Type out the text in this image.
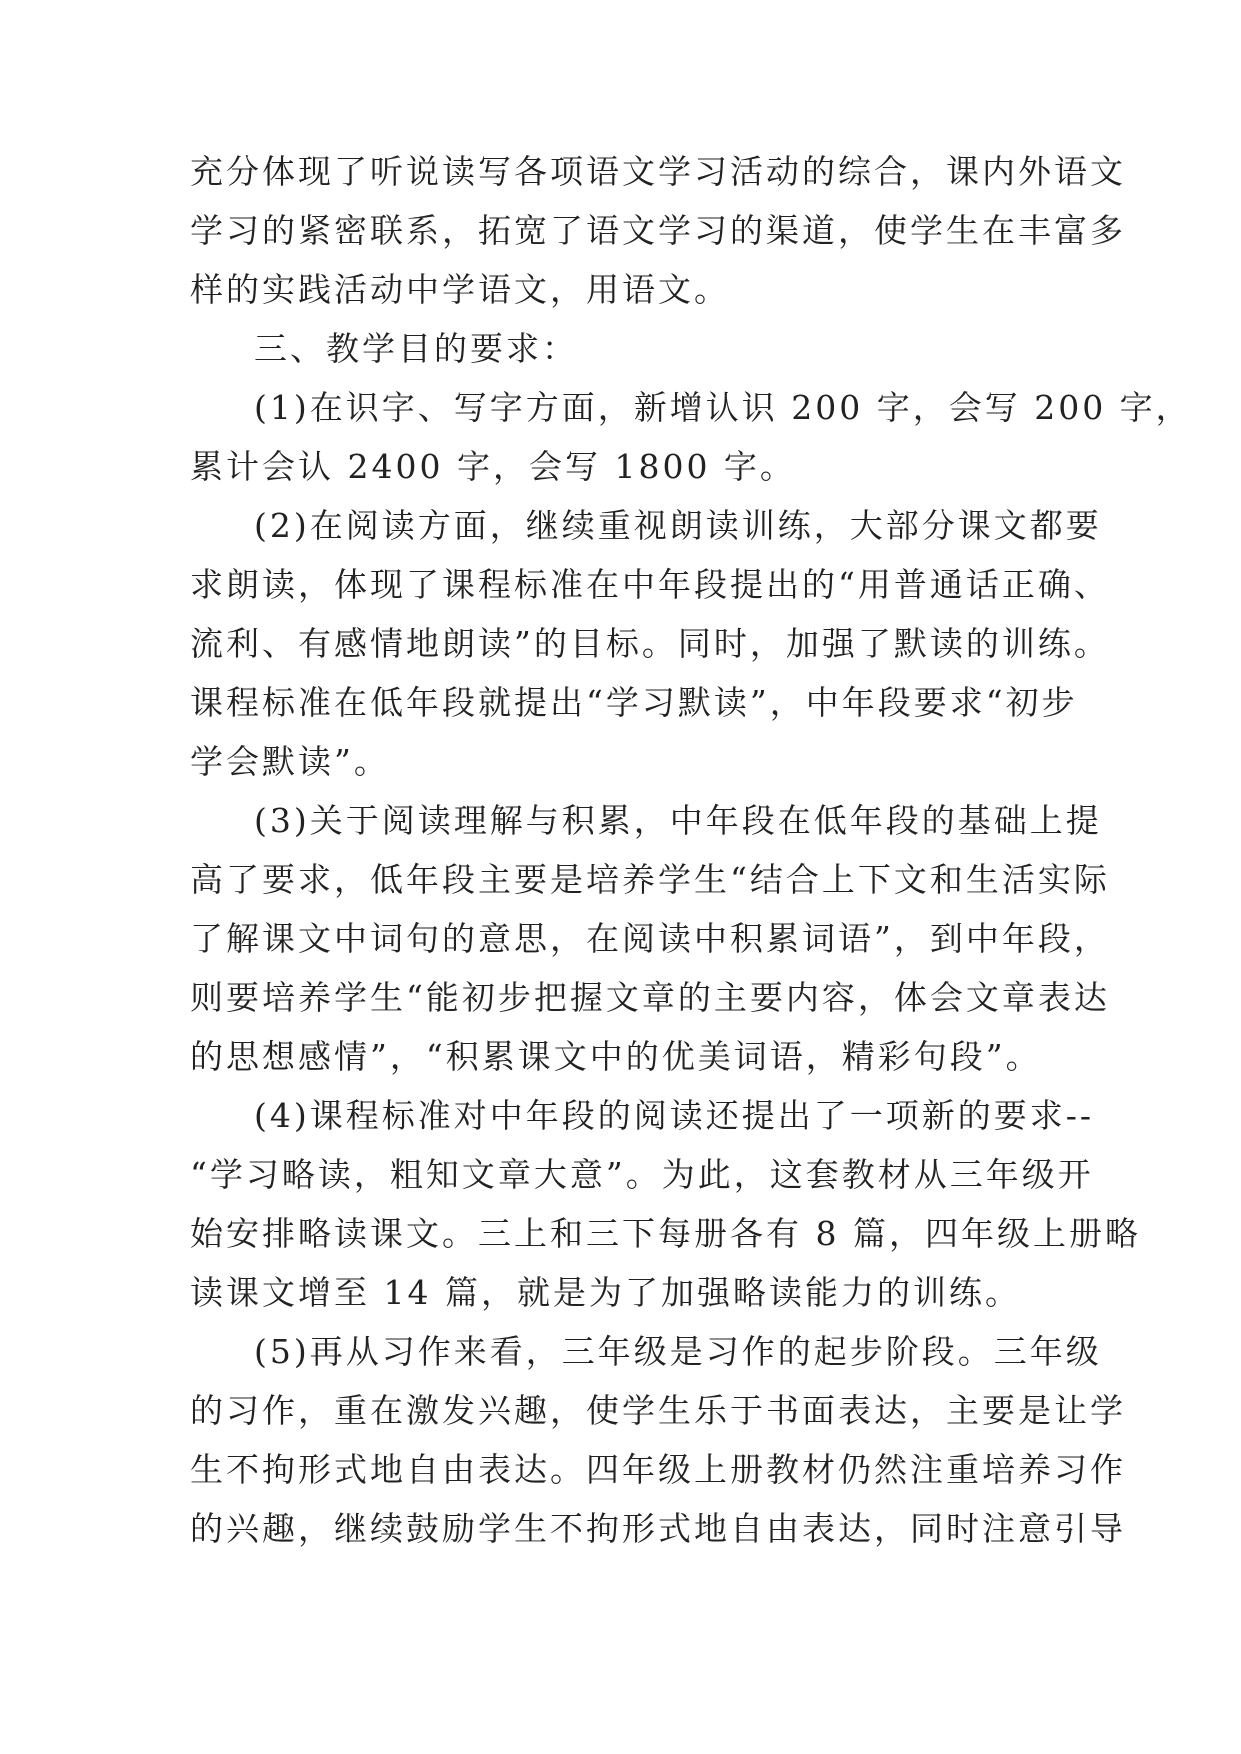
充分体现了听说读写各项语文学习活动的综合，课内外语文
学习的紧密联系，拓宽了语文学习的渠道，使学生在丰富多
样的实践活动中学语文，用语文。
三、教学目的要求：
(1)在识字、写字方面，新增认识 200 字，会写 200 字，
累计会认 2400 字，会写 1800 字。
(2)在阅读方面，继续重视朗读训练，大部分课文都要
求朗读，体现了课程标准在中年段提出的“用普通话正确、
流利、有感情地朗读”的目标。同时，加强了默读的训练。
课程标准在低年段就提出“学习默读”，中年段要求“初步
学会默读”。
(3)关于阅读理解与积累，中年段在低年段的基础上提
高了要求，低年段主要是培养学生“结合上下文和生活实际
了解课文中词句的意思，在阅读中积累词语”，到中年段，
则要培养学生“能初步把握文章的主要内容，体会文章表达
的思想感情”，“积累课文中的优美词语，精彩句段”。
(4)课程标准对中年段的阅读还提出了一项新的要求--
“学习略读，粗知文章大意”。为此，这套教材从三年级开
始安排略读课文。三上和三下每册各有 8 篇，四年级上册略
读课文增至 14 篇，就是为了加强略读能力的训练。
(5)再从习作来看，三年级是习作的起步阶段。三年级
的习作，重在激发兴趣，使学生乐于书面表达，主要是让学
生不拘形式地自由表达。四年级上册教材仍然注重培养习作
的兴趣，继续鼓励学生不拘形式地自由表达，同时注意引导
